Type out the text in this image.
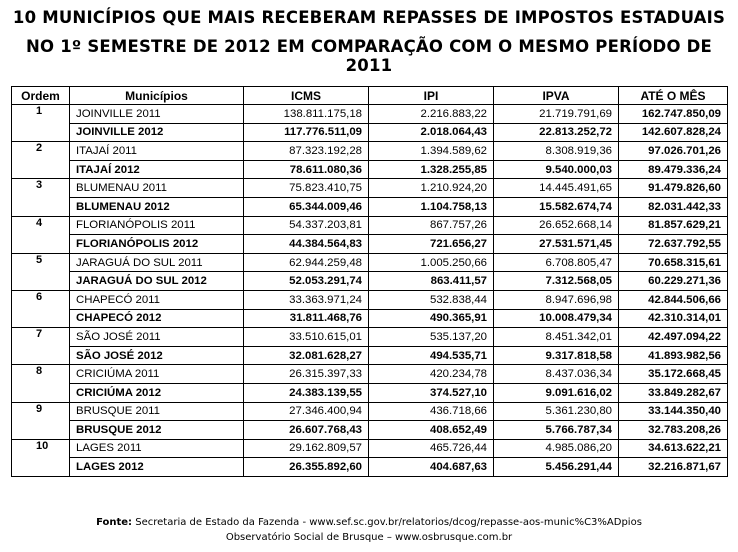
10 MUNICÍPIOS QUE MAIS RECEBERAM REPASSES DE IMPOSTOS ESTADUAIS
NO 1º SEMESTRE DE 2012 EM COMPARAÇÃO COM O MESMO PERÍODO DE 2011
Ordem	Municípios	ICMS	IPI	IPVA	ATÉ O MÊS
1	JOINVILLE 2011	138.811.175,18	2.216.883,22	21.719.791,69	162.747.850,09
	JOINVILLE 2012	117.776.511,09	2.018.064,43	22.813.252,72	142.607.828,24
2	ITAJAÍ 2011	87.323.192,28	1.394.589,62	8.308.919,36	97.026.701,26
	ITAJAÍ 2012	78.611.080,36	1.328.255,85	9.540.000,03	89.479.336,24
3	BLUMENAU 2011	75.823.410,75	1.210.924,20	14.445.491,65	91.479.826,60
	BLUMENAU 2012	65.344.009,46	1.104.758,13	15.582.674,74	82.031.442,33
4	FLORIANÓPOLIS 2011	54.337.203,81	867.757,26	26.652.668,14	81.857.629,21
	FLORIANÓPOLIS 2012	44.384.564,83	721.656,27	27.531.571,45	72.637.792,55
5	JARAGUÁ DO SUL 2011	62.944.259,48	1.005.250,66	6.708.805,47	70.658.315,61
	JARAGUÁ DO SUL 2012	52.053.291,74	863.411,57	7.312.568,05	60.229.271,36
6	CHAPECÓ 2011	33.363.971,24	532.838,44	8.947.696,98	42.844.506,66
	CHAPECÓ 2012	31.811.468,76	490.365,91	10.008.479,34	42.310.314,01
7	SÃO JOSÉ 2011	33.510.615,01	535.137,20	8.451.342,01	42.497.094,22
	SÃO JOSÉ 2012	32.081.628,27	494.535,71	9.317.818,58	41.893.982,56
8	CRICIÚMA 2011	26.315.397,33	420.234,78	8.437.036,34	35.172.668,45
	CRICIÚMA 2012	24.383.139,55	374.527,10	9.091.616,02	33.849.282,67
9	BRUSQUE 2011	27.346.400,94	436.718,66	5.361.230,80	33.144.350,40
	BRUSQUE 2012	26.607.768,43	408.652,49	5.766.787,34	32.783.208,26
10	LAGES 2011	29.162.809,57	465.726,44	4.985.086,20	34.613.622,21
	LAGES 2012	26.355.892,60	404.687,63	5.456.291,44	32.216.871,67
Fonte: Secretaria de Estado da Fazenda - www.sef.sc.gov.br/relatorios/dcog/repasse-aos-munic%C3%ADpios
Observatório Social de Brusque – www.osbrusque.com.br
